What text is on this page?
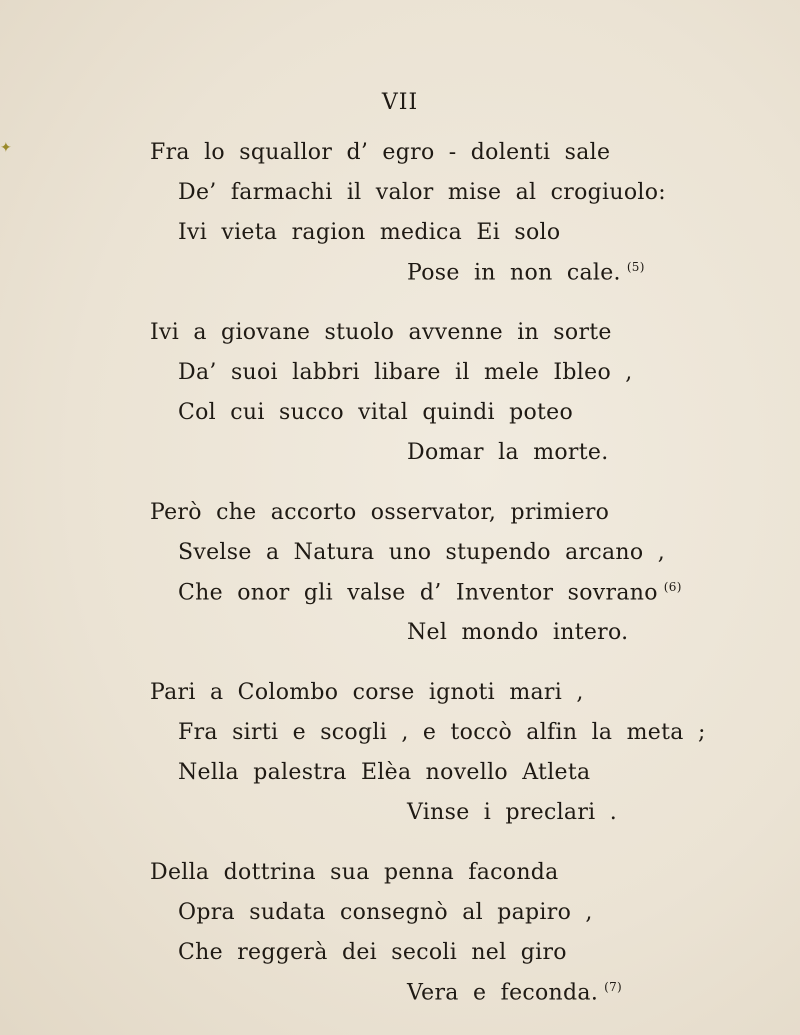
VII
✦	Fra lo squallor d’ egro - dolenti sale
De’ farmachi il valor mise al crogiuolo:
Ivi vieta ragion medica Ei solo
Pose in non cale. $^{(5)}$
Ivi a giovane stuolo avvenne in sorte
Da’ suoi labbri libare il mele Ibleo ,
Col cui succo vital quindi poteo
Domar la morte.
Però che accorto osservator, primiero
Svelse a Natura uno stupendo arcano ,
Che onor gli valse d’ Inventor sovrano $^{(6)}$
Nel mondo intero.
Pari a Colombo corse ignoti mari ,
Fra sirti e scogli , e toccò alfin la meta ;
Nella palestra Elèa novello Atleta
Vinse i preclari .
Della dottrina sua penna faconda
Opra sudata consegnò al papiro ,
Che reggerà dei secoli nel giro
Vera e feconda. $^{(7)}$
